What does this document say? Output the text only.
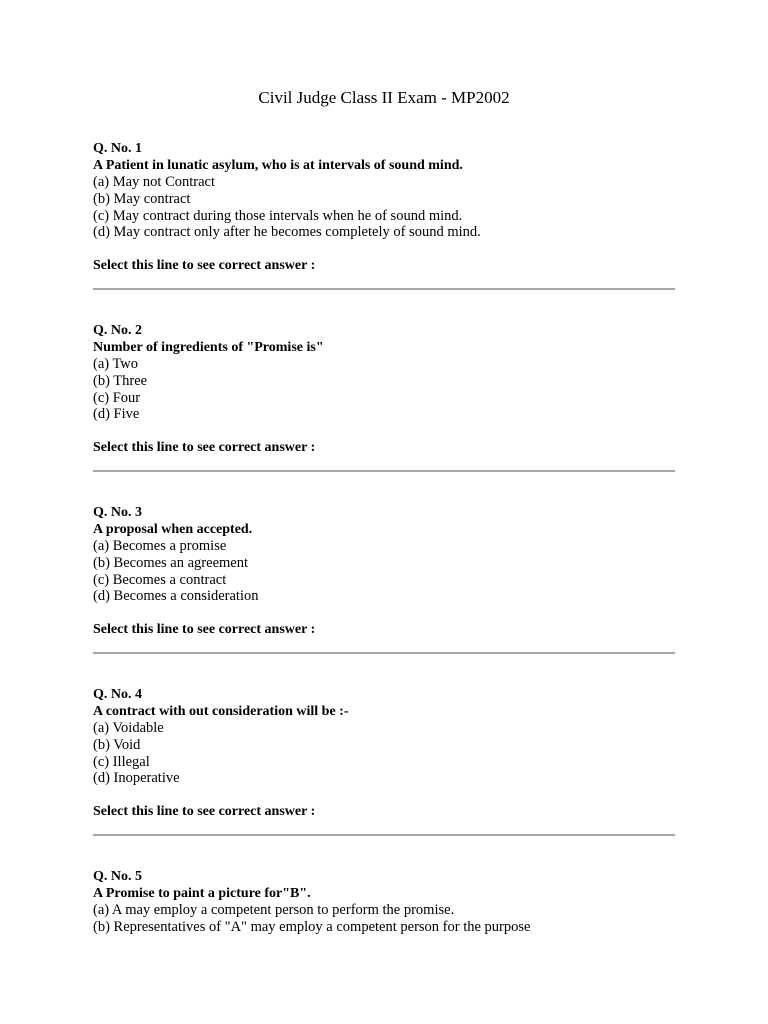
Civil Judge Class II Exam - MP2002
Q. No. 1
A Patient in lunatic asylum, who is at intervals of sound mind.
(a) May not Contract
(b) May contract
(c) May contract during those intervals when he of sound mind.
(d) May contract only after he becomes completely of sound mind.
Select this line to see correct answer :
Q. No. 2
Number of ingredients of "Promise is"
(a) Two
(b) Three
(c) Four
(d) Five
Select this line to see correct answer :
Q. No. 3
A proposal when accepted.
(a) Becomes a promise
(b) Becomes an agreement
(c) Becomes a contract
(d) Becomes a consideration
Select this line to see correct answer :
Q. No. 4
A contract with out consideration will be :-
(a) Voidable
(b) Void
(c) Illegal
(d) Inoperative
Select this line to see correct answer :
Q. No. 5
A Promise to paint a picture for"B".
(a) A may employ a competent person to perform the promise.
(b) Representatives of "A" may employ a competent person for the purpose
